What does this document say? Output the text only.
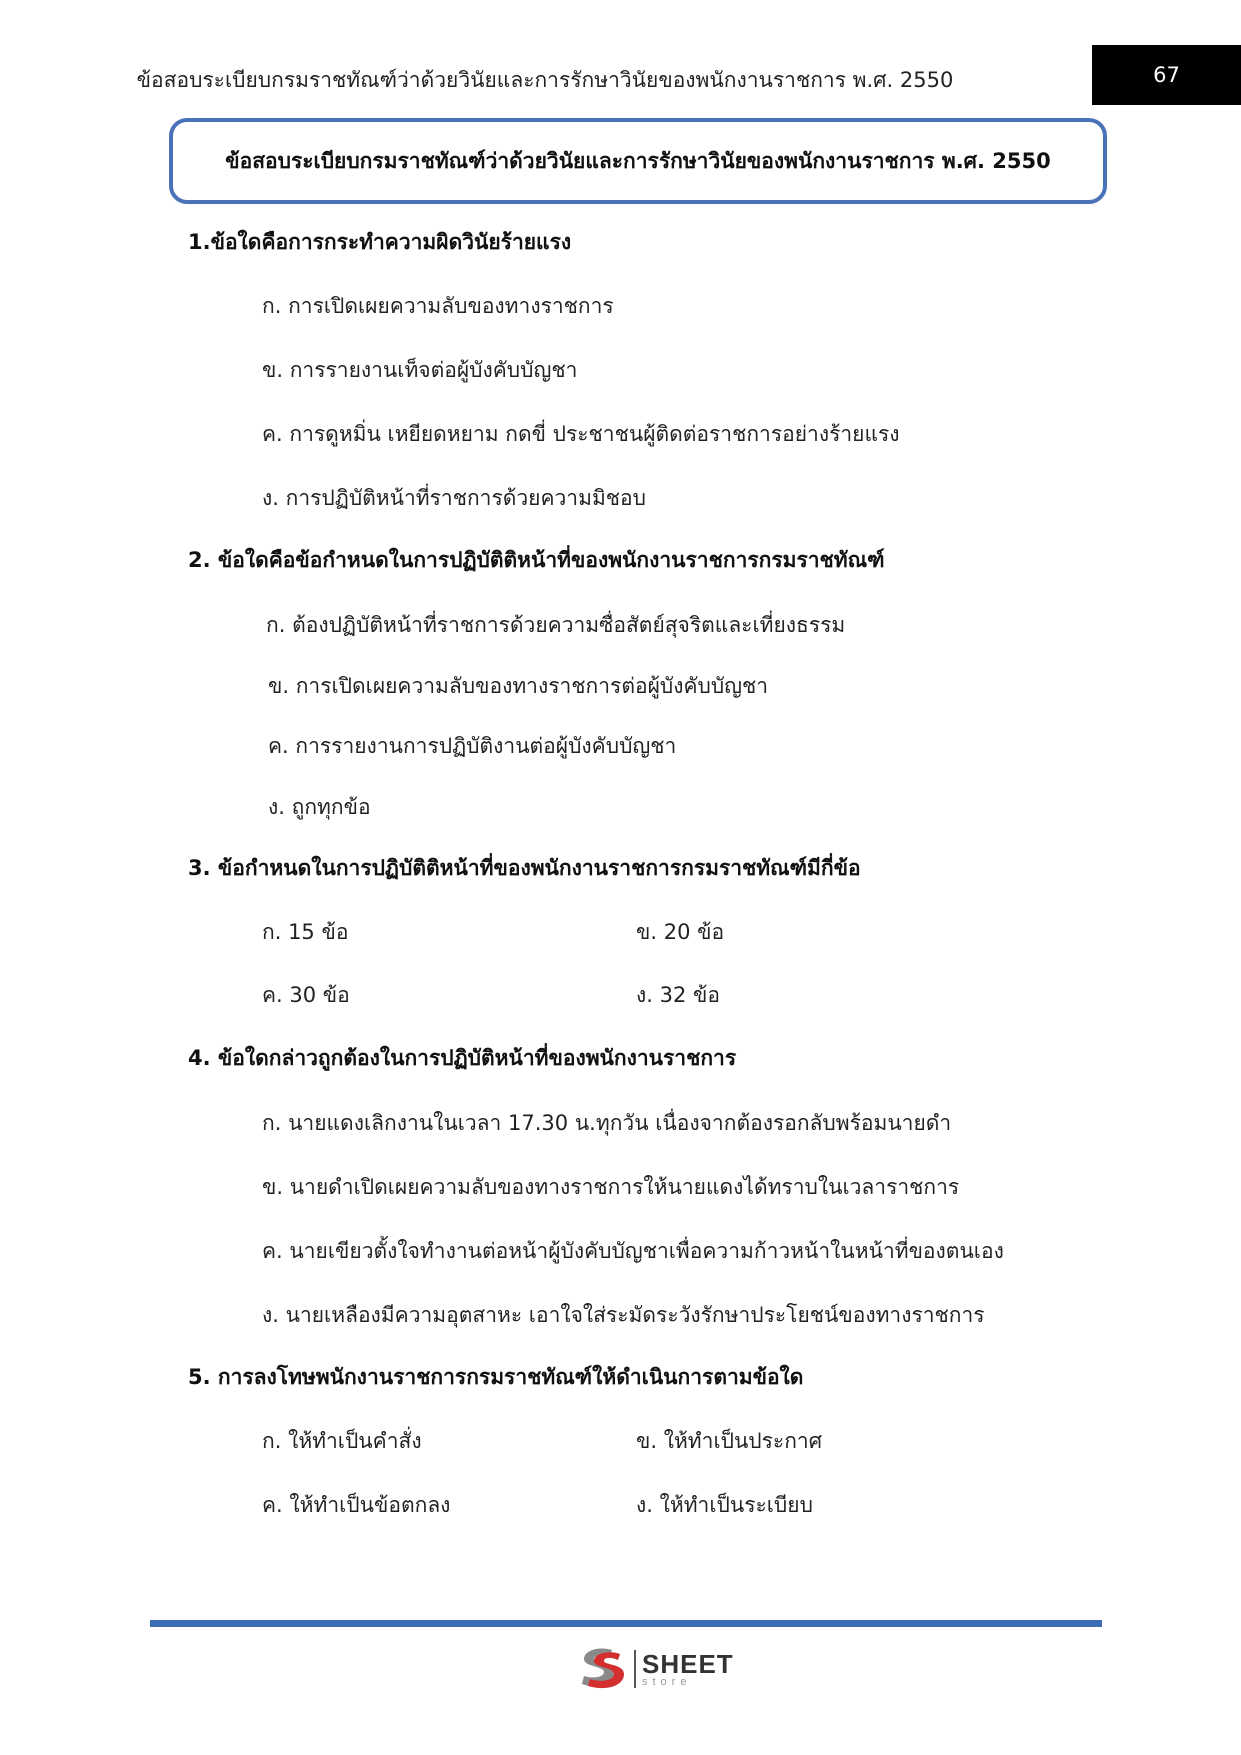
ข้อสอบระเบียบกรมราชทัณฑ์ว่าด้วยวินัยและการรักษาวินัยของพนักงานราชการ พ.ศ. 2550	67
ข้อสอบระเบียบกรมราชทัณฑ์ว่าด้วยวินัยและการรักษาวินัยของพนักงานราชการ พ.ศ. 2550
1.ข้อใดคือการกระทำความผิดวินัยร้ายแรง
ก. การเปิดเผยความลับของทางราชการ
ข. การรายงานเท็จต่อผู้บังคับบัญชา
ค. การดูหมิ่น เหยียดหยาม กดขี่ ประชาชนผู้ติดต่อราชการอย่างร้ายแรง
ง. การปฏิบัติหน้าที่ราชการด้วยความมิชอบ
2. ข้อใดคือข้อกำหนดในการปฏิบัติติหน้าที่ของพนักงานราชการกรมราชทัณฑ์
ก. ต้องปฏิบัติหน้าที่ราชการด้วยความซื่อสัตย์สุจริตและเที่ยงธรรม
ข. การเปิดเผยความลับของทางราชการต่อผู้บังคับบัญชา
ค. การรายงานการปฏิบัติงานต่อผู้บังคับบัญชา
ง. ถูกทุกข้อ
3. ข้อกำหนดในการปฏิบัติติหน้าที่ของพนักงานราชการกรมราชทัณฑ์มีกี่ข้อ
ก. 15 ข้อ	ข. 20 ข้อ
ค. 30 ข้อ	ง. 32 ข้อ
4. ข้อใดกล่าวถูกต้องในการปฏิบัติหน้าที่ของพนักงานราชการ
ก. นายแดงเลิกงานในเวลา 17.30 น.ทุกวัน เนื่องจากต้องรอกลับพร้อมนายดำ
ข. นายดำเปิดเผยความลับของทางราชการให้นายแดงได้ทราบในเวลาราชการ
ค. นายเขียวตั้งใจทำงานต่อหน้าผู้บังคับบัญชาเพื่อความก้าวหน้าในหน้าที่ของตนเอง
ง. นายเหลืองมีความอุตสาหะ เอาใจใส่ระมัดระวังรักษาประโยชน์ของทางราชการ
5. การลงโทษพนักงานราชการกรมราชทัณฑ์ให้ดำเนินการตามข้อใด
ก. ให้ทำเป็นคำสั่ง	ข. ให้ทำเป็นประกาศ
ค. ให้ทำเป็นข้อตกลง	ง. ให้ทำเป็นระเบียบ
SHEET
store
